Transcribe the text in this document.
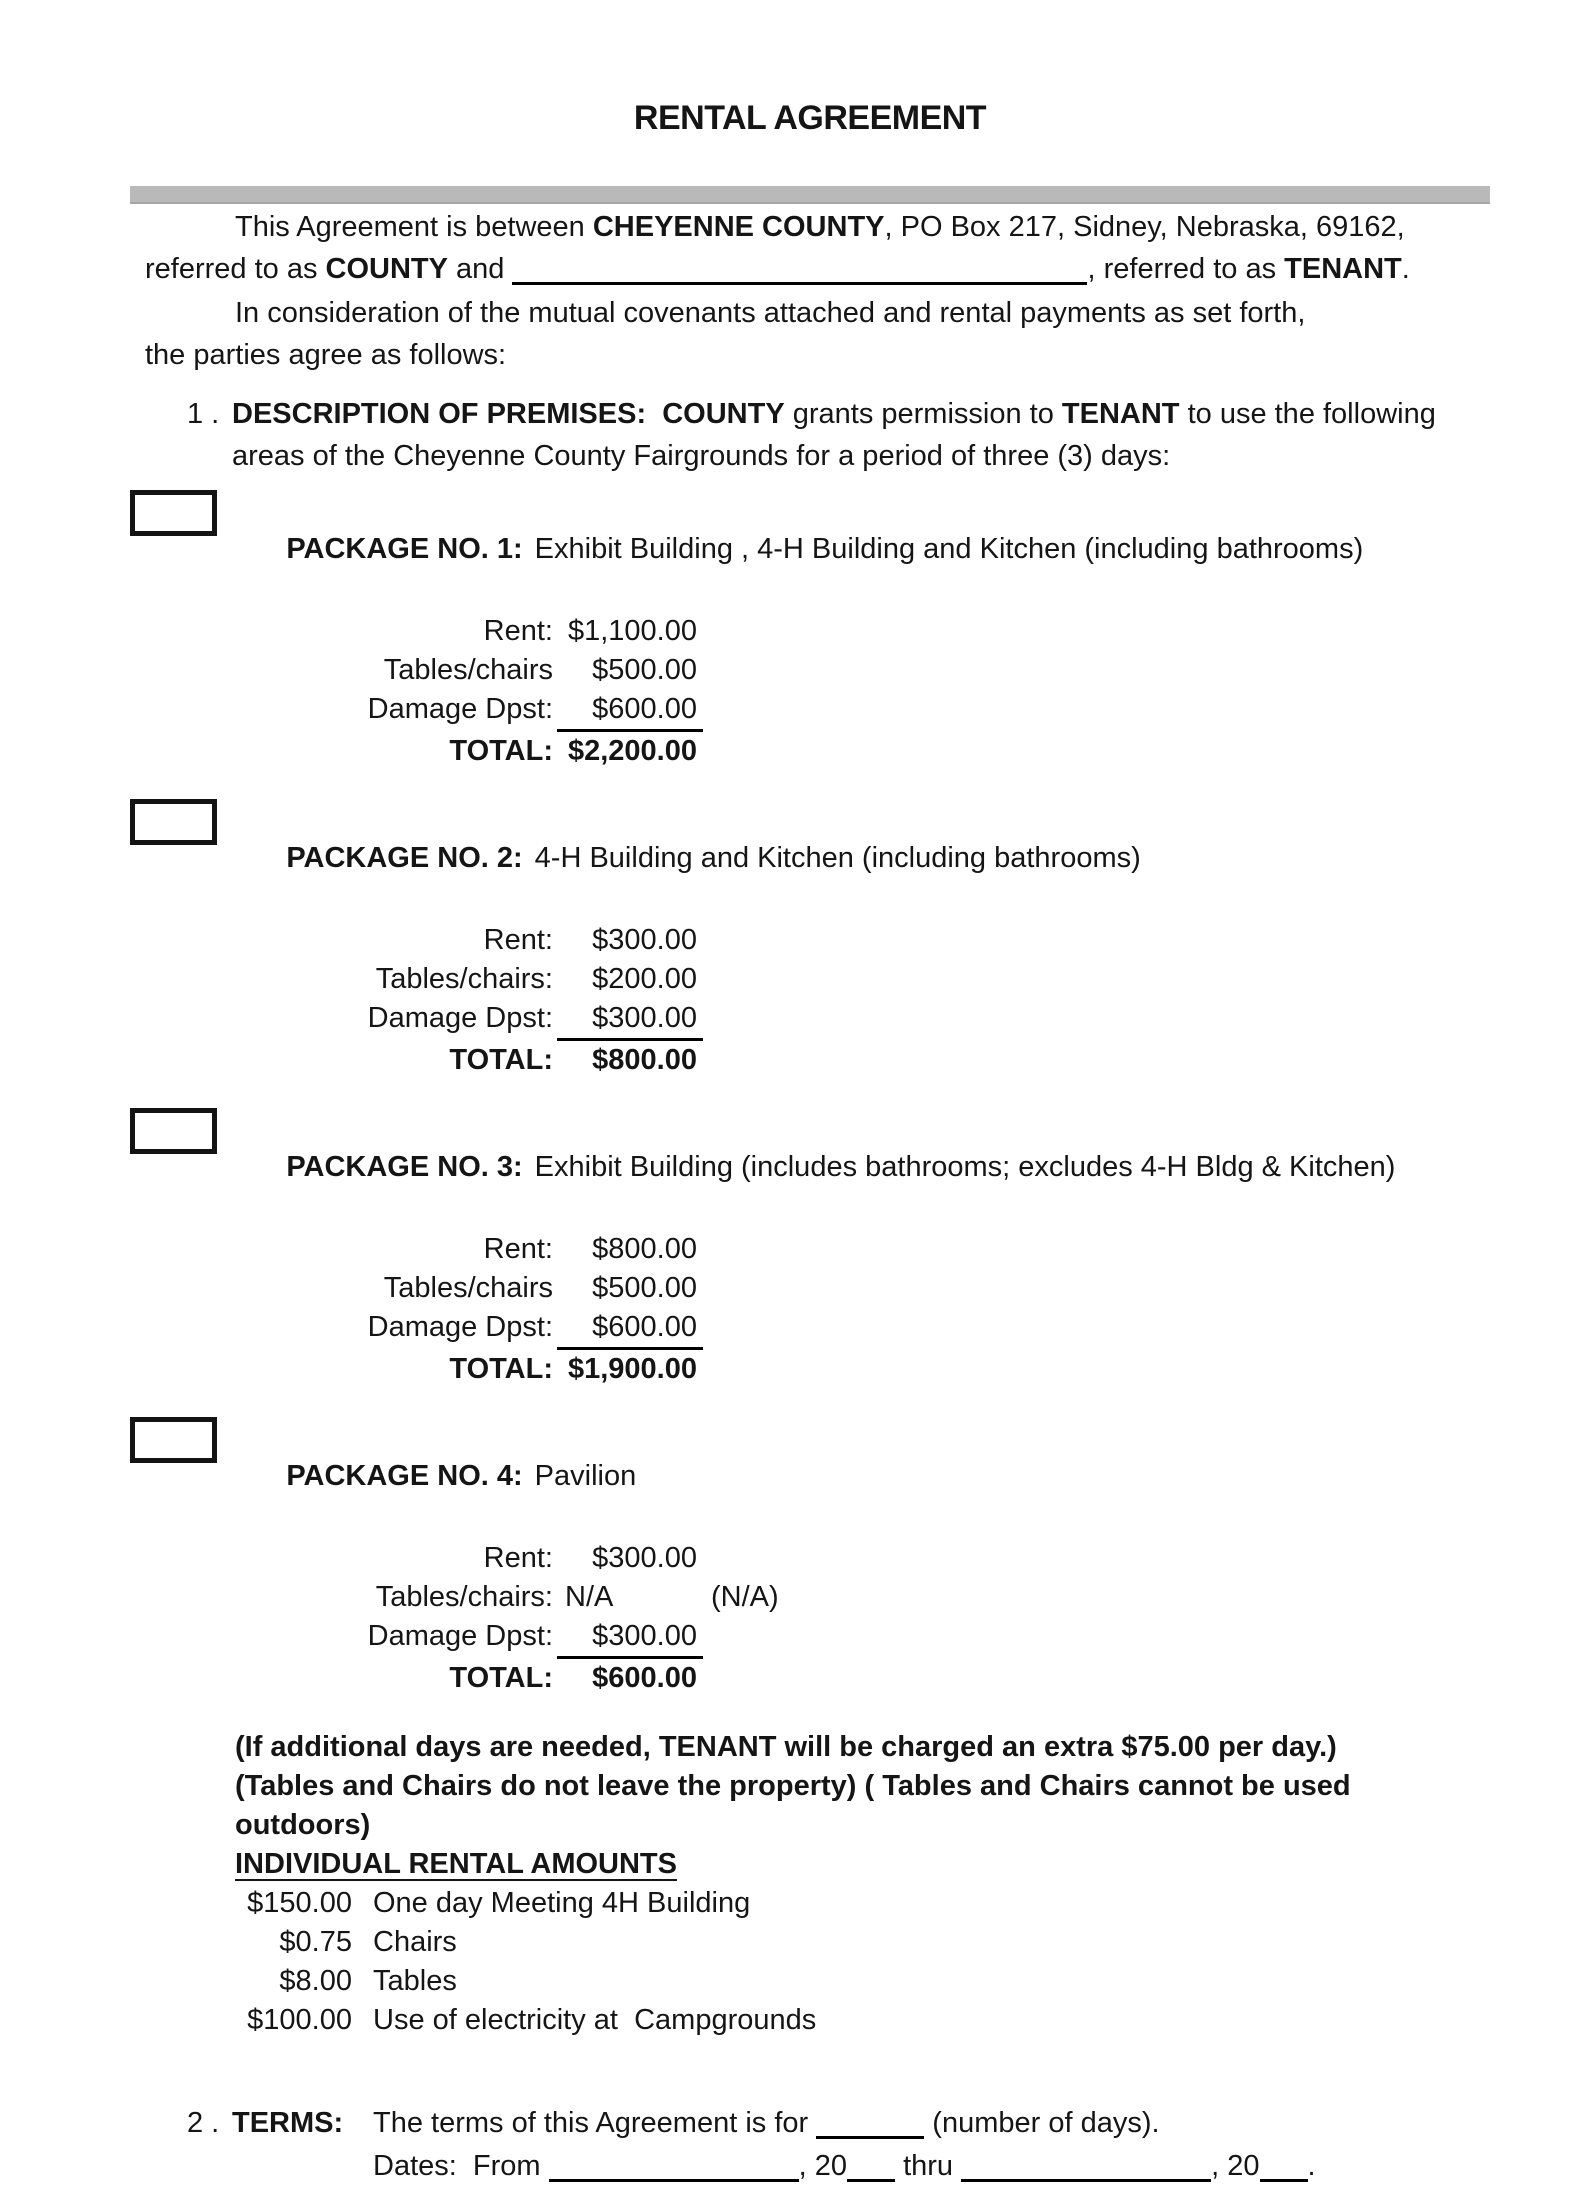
RENTAL AGREEMENT
This Agreement is between CHEYENNE COUNTY, PO Box 217, Sidney, Nebraska, 69162,
referred to as COUNTY and	, referred to as TENANT.
In consideration of the mutual covenants attached and rental payments as set forth,
the parties agree as follows:
1 . DESCRIPTION OF PREMISES:  COUNTY grants permission to TENANT to use the following
areas of the Cheyenne County Fairgrounds for a period of three (3) days:

PACKAGE NO. 1: Exhibit Building , 4-H Building and Kitchen (including bathrooms)

Rent: $1,100.00
Tables/chairs	$500.00
Damage Dpst:	$600.00
TOTAL: $2,200.00

PACKAGE NO. 2: 4-H Building and Kitchen (including bathrooms)

Rent:	$300.00
Tables/chairs:	$200.00
Damage Dpst:	$300.00
TOTAL:	$800.00

PACKAGE NO. 3: Exhibit Building (includes bathrooms; excludes 4-H Bldg & Kitchen)

Rent:	$800.00
Tables/chairs	$500.00
Damage Dpst:	$600.00
TOTAL: $1,900.00

PACKAGE NO. 4: Pavilion

Rent:	$300.00
Tables/chairs: N/A	(N/A)
Damage Dpst:	$300.00
TOTAL:	$600.00
(If additional days are needed, TENANT will be charged an extra $75.00 per day.)
(Tables and Chairs do not leave the property) ( Tables and Chairs cannot be used outdoors)
INDIVIDUAL RENTAL AMOUNTS
$150.00 One day Meeting 4H Building
$0.75 Chairs
$8.00 Tables
$100.00 Use of electricity at  Campgrounds
2 . TERMS:	The terms of this Agreement is for	(number of days).
Dates:  From	, 20 thru	, 20 .
